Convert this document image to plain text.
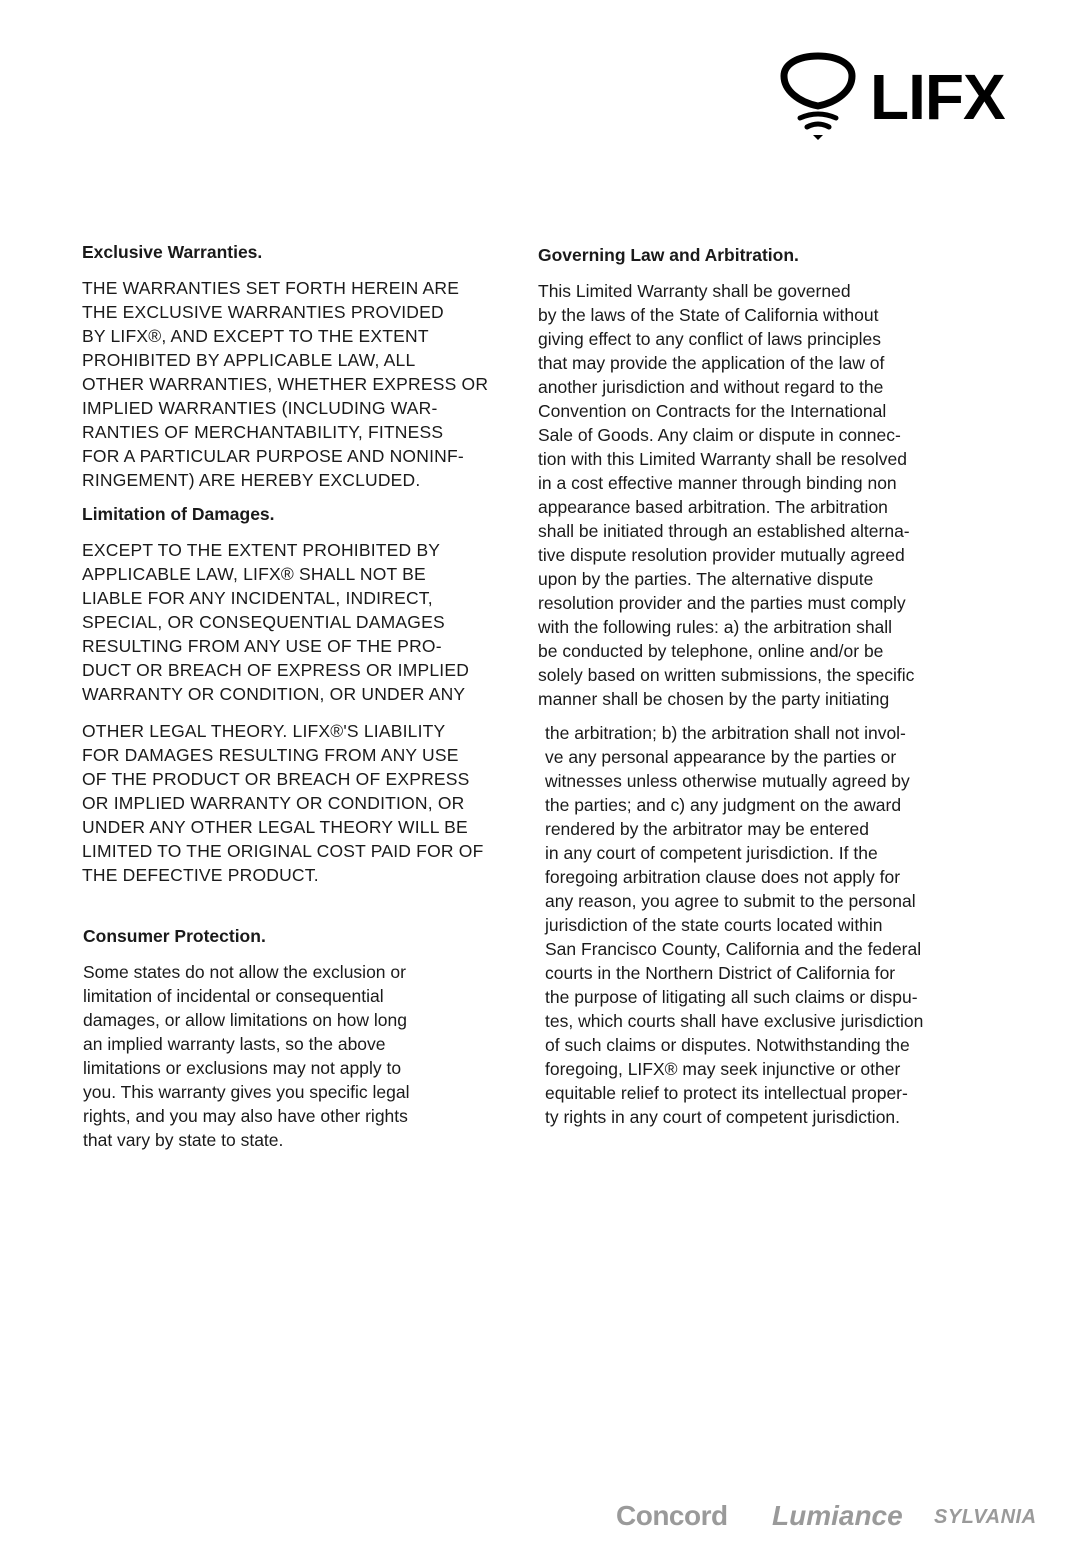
LIFX
Exclusive Warranties.

THE WARRANTIES SET FORTH HEREIN ARE
THE EXCLUSIVE WARRANTIES PROVIDED
BY LIFX®, AND EXCEPT TO THE EXTENT
PROHIBITED BY APPLICABLE LAW, ALL
OTHER WARRANTIES, WHETHER EXPRESS OR
IMPLIED WARRANTIES (INCLUDING WAR-
RANTIES OF MERCHANTABILITY, FITNESS
FOR A PARTICULAR PURPOSE AND NONINF-
RINGEMENT) ARE HEREBY EXCLUDED.

Limitation of Damages.

EXCEPT TO THE EXTENT PROHIBITED BY
APPLICABLE LAW, LIFX® SHALL NOT BE
LIABLE FOR ANY INCIDENTAL, INDIRECT,
SPECIAL, OR CONSEQUENTIAL DAMAGES
RESULTING FROM ANY USE OF THE PRO-
DUCT OR BREACH OF EXPRESS OR IMPLIED
WARRANTY OR CONDITION, OR UNDER ANY

OTHER LEGAL THEORY. LIFX®'S LIABILITY
FOR DAMAGES RESULTING FROM ANY USE
OF THE PRODUCT OR BREACH OF EXPRESS
OR IMPLIED WARRANTY OR CONDITION, OR
UNDER ANY OTHER LEGAL THEORY WILL BE
LIMITED TO THE ORIGINAL COST PAID FOR OF
THE DEFECTIVE PRODUCT.

Consumer Protection.

Some states do not allow the exclusion or
limitation of incidental or consequential
damages, or allow limitations on how long
an implied warranty lasts, so the above
limitations or exclusions may not apply to
you. This warranty gives you specific legal
rights, and you may also have other rights
that vary by state to state.

Governing Law and Arbitration.

This Limited Warranty shall be governed
by the laws of the State of California without
giving effect to any conflict of laws principles
that may provide the application of the law of
another jurisdiction and without regard to the
Convention on Contracts for the International
Sale of Goods. Any claim or dispute in connec-
tion with this Limited Warranty shall be resolved
in a cost effective manner through binding non
appearance based arbitration. The arbitration
shall be initiated through an established alterna-
tive dispute resolution provider mutually agreed
upon by the parties. The alternative dispute
resolution provider and the parties must comply
with the following rules: a) the arbitration shall
be conducted by telephone, online and/or be
solely based on written submissions, the specific
manner shall be chosen by the party initiating

the arbitration; b) the arbitration shall not invol-
ve any personal appearance by the parties or
witnesses unless otherwise mutually agreed by
the parties; and c) any judgment on the award
rendered by the arbitrator may be entered
in any court of competent jurisdiction. If the
foregoing arbitration clause does not apply for
any reason, you agree to submit to the personal
jurisdiction of the state courts located within
San Francisco County, California and the federal
courts in the Northern District of California for
the purpose of litigating all such claims or dispu-
tes, which courts shall have exclusive jurisdiction
of such claims or disputes. Notwithstanding the
foregoing, LIFX® may seek injunctive or other
equitable relief to protect its intellectual proper-
ty rights in any court of competent jurisdiction.

Concord Lumiance SYLVANIA
